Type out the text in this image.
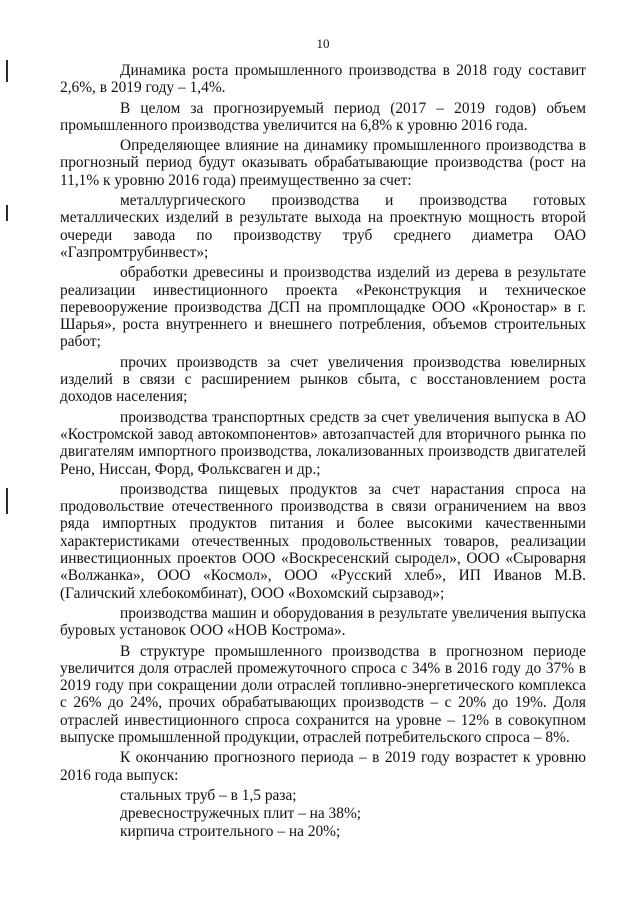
10

Динамика роста промышленного производства в 2018 году составит 2,6%, в 2019 году – 1,4%.

В целом за прогнозируемый период (2017 – 2019 годов) объем промышленного производства увеличится на 6,8% к уровню 2016 года.

Определяющее влияние на динамику промышленного производства в прогнозный период будут оказывать обрабатывающие производства (рост на 11,1% к уровню 2016 года) преимущественно за счет:

металлургического производства и производства готовых металлических изделий в результате выхода на проектную мощность второй очереди завода по производству труб среднего диаметра ОАО «Газпромтрубинвест»;

обработки древесины и производства изделий из дерева в результате реализации инвестиционного проекта «Реконструкция и техническое перевооружение производства ДСП на промплощадке ООО «Кроностар» в г. Шарья», роста внутреннего и внешнего потребления, объемов строительных работ;

прочих производств за счет увеличения производства ювелирных изделий в связи с расширением рынков сбыта, с восстановлением роста доходов населения;

производства транспортных средств за счет увеличения выпуска в АО «Костромской завод автокомпонентов» автозапчастей для вторичного рынка по двигателям импортного производства, локализованных производств двигателей Рено, Ниссан, Форд, Фольксваген и др.;

производства пищевых продуктов за счет нарастания спроса на продовольствие отечественного производства в связи ограничением на ввоз ряда импортных продуктов питания и более высокими качественными характеристиками отечественных продовольственных товаров, реализации инвестиционных проектов ООО «Воскресенский сыродел», ООО «Сыроварня «Волжанка», ООО «Космол», ООО «Русский хлеб», ИП Иванов М.В. (Галичский хлебокомбинат), ООО «Вохомский сырзавод»;

производства машин и оборудования в результате увеличения выпуска буровых установок ООО «НОВ Кострома».

В структуре промышленного производства в прогнозном периоде увеличится доля отраслей промежуточного спроса с 34% в 2016 году до 37% в 2019 году при сокращении доли отраслей топливно-энергетического комплекса с 26% до 24%, прочих обрабатывающих производств – с 20% до 19%. Доля отраслей инвестиционного спроса сохранится на уровне – 12% в совокупном выпуске промышленной продукции, отраслей потребительского спроса – 8%.

К окончанию прогнозного периода – в 2019 году возрастет к уровню 2016 года выпуск:

стальных труб – в 1,5 раза;

древесностружечных плит – на 38%;

кирпича строительного – на 20%;
